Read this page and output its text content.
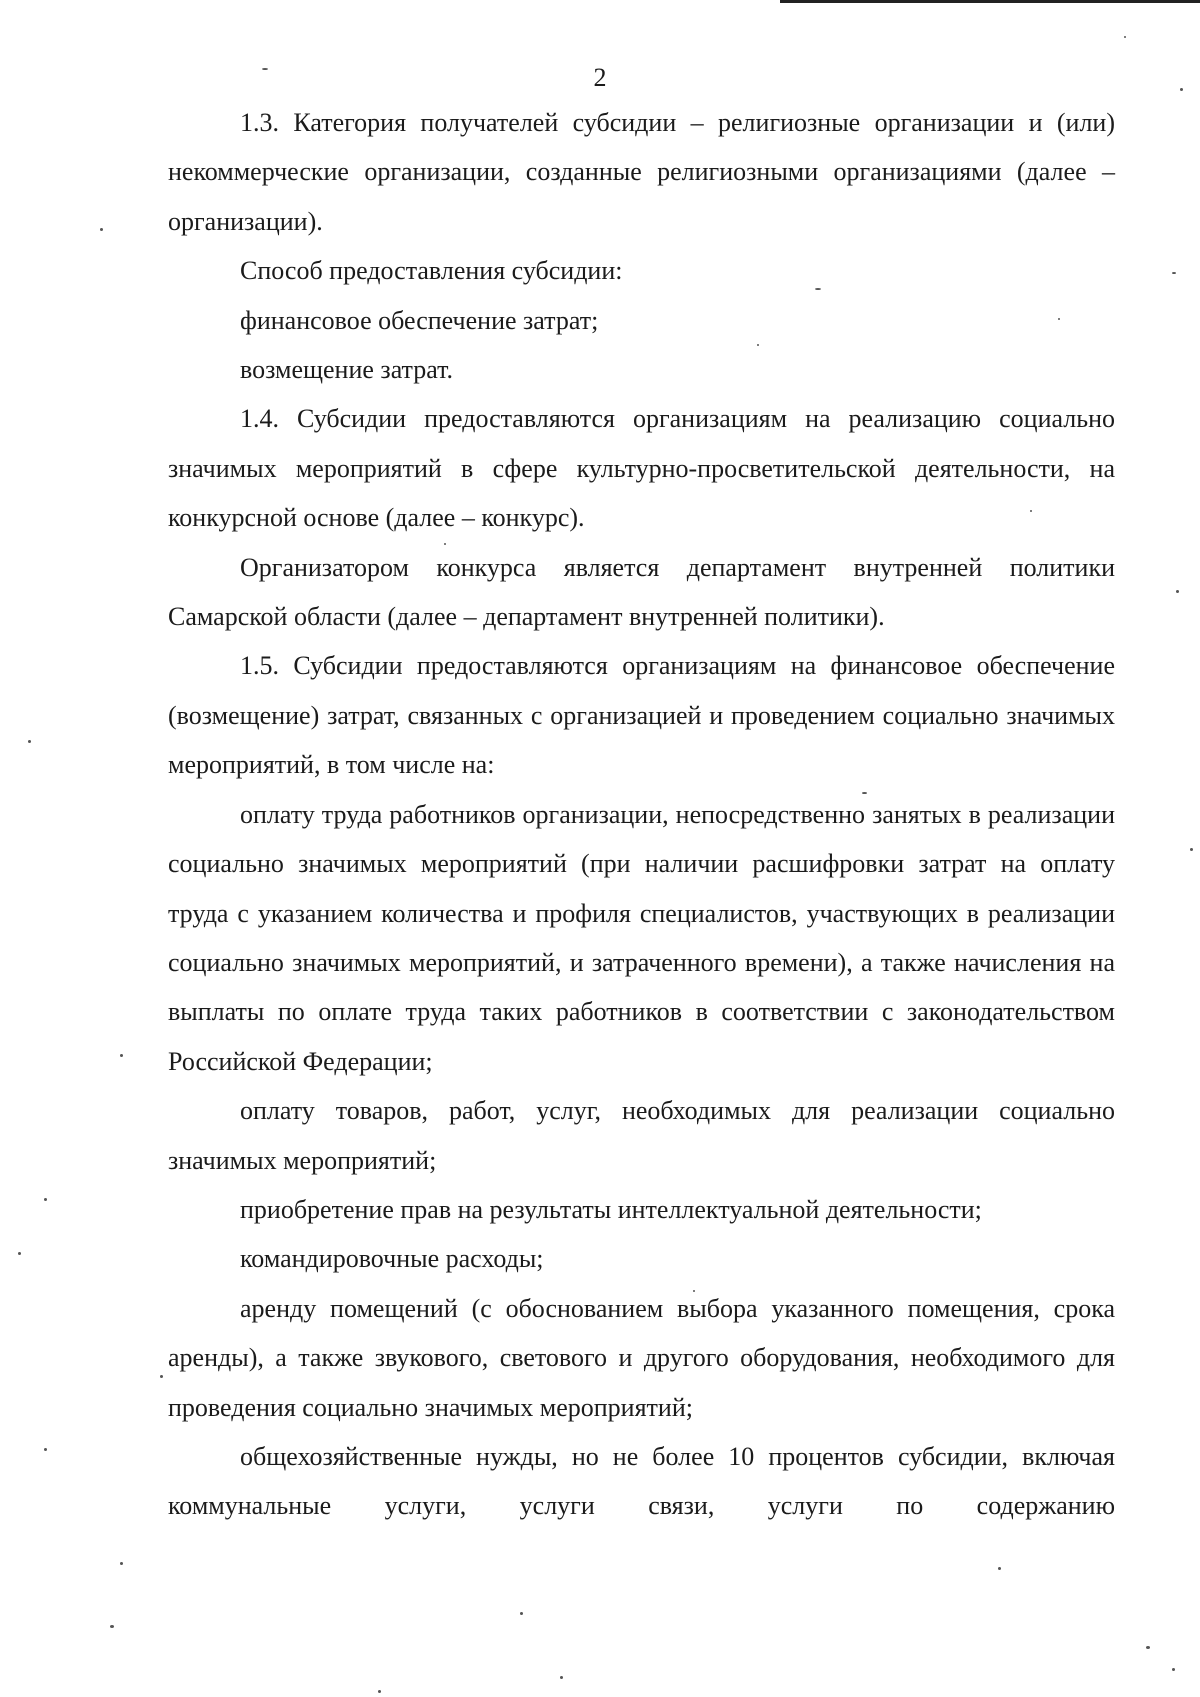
2

1.3. Категория получателей субсидии – религиозные организации и (или) некоммерческие организации, созданные религиозными организациями (далее – организации).

Способ предоставления субсидии:

финансовое обеспечение затрат;

возмещение затрат.

1.4. Субсидии предоставляются организациям на реализацию социально значимых мероприятий в сфере культурно-просветительской деятельности, на конкурсной основе (далее – конкурс).

Организатором конкурса является департамент внутренней политики Самарской области (далее – департамент внутренней политики).

1.5. Субсидии предоставляются организациям на финансовое обеспечение (возмещение) затрат, связанных с организацией и проведением социально значимых мероприятий, в том числе на:

оплату труда работников организации, непосредственно занятых в реализации социально значимых мероприятий (при наличии расшифровки затрат на оплату труда с указанием количества и профиля специалистов, участвующих в реализации социально значимых мероприятий, и затраченного времени), а также начисления на выплаты по оплате труда таких работников в соответствии с законодательством Российской Федерации;

оплату товаров, работ, услуг, необходимых для реализации социально значимых мероприятий;

приобретение прав на результаты интеллектуальной деятельности;

командировочные расходы;

аренду помещений (с обоснованием выбора указанного помещения, срока аренды), а также звукового, светового и другого оборудования, необходимого для проведения социально значимых мероприятий;

общехозяйственные нужды, но не более 10 процентов субсидии, включая коммунальные услуги, услуги связи, услуги по содержанию
